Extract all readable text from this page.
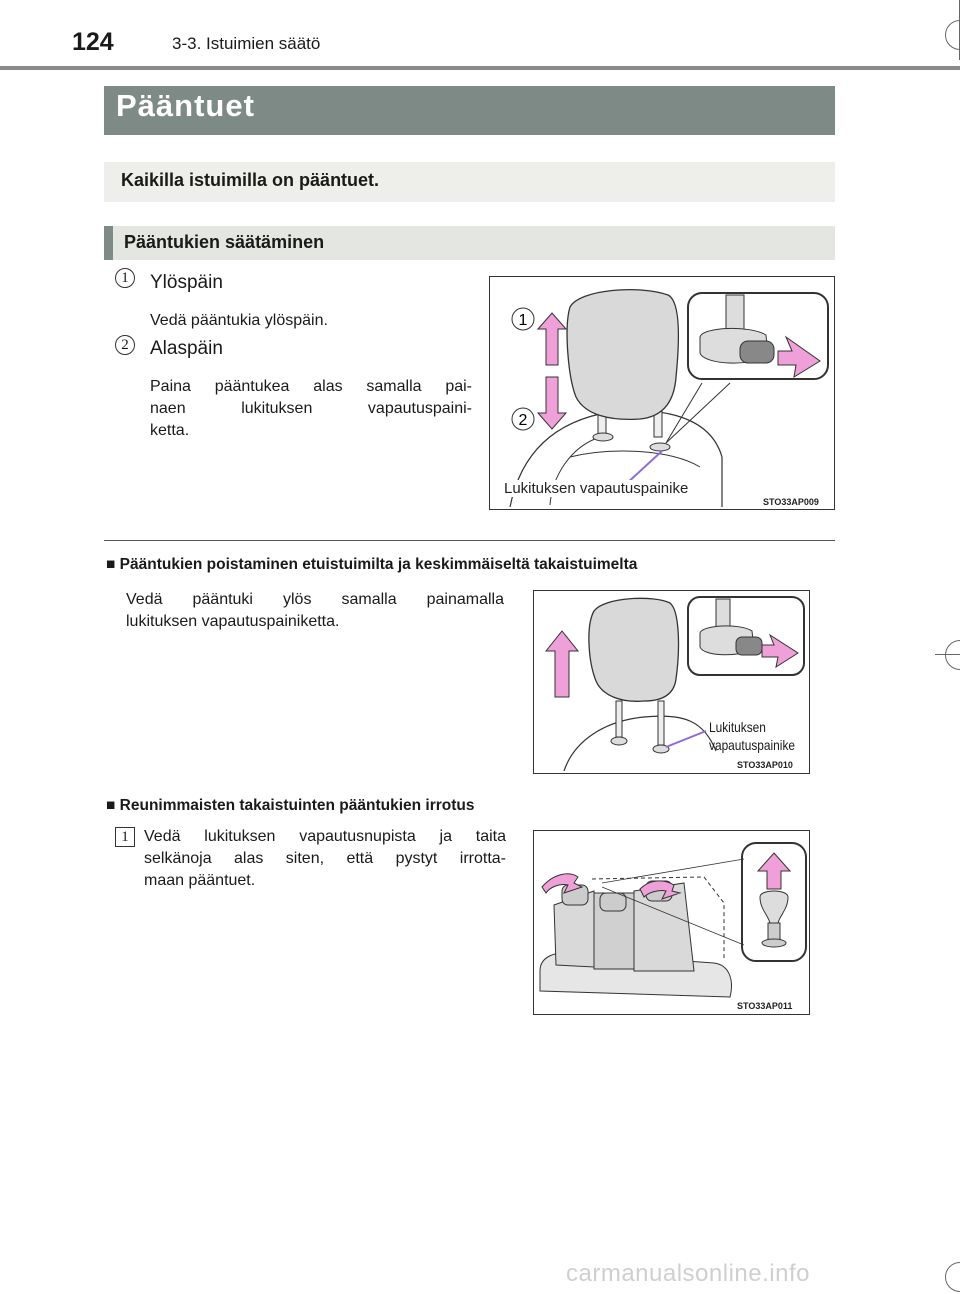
124	3-3. Istuimien säätö
Pääntuet
Kaikilla istuimilla on pääntuet.
Pääntukien säätäminen
1	Ylöspäin
Vedä pääntukia ylöspäin.
2	Alaspäin
Paina pääntukea alas samalla pai-
naen lukituksen vapautuspaini-
ketta.
1
2
Lukituksen vapautuspainike
STO33AP009
■ Pääntukien poistaminen etuistuimilta ja keskimmäiseltä takaistuimelta
Vedä pääntuki ylös samalla painamalla
lukituksen vapautuspainiketta.
Lukituksen
vapautuspainike
STO33AP010
■ Reunimmaisten takaistuinten pääntukien irrotus
1 Vedä lukituksen vapautusnupista ja taita
selkänoja alas siten, että pystyt irrotta-
maan pääntuet.
STO33AP011
carmanualsonline.info
